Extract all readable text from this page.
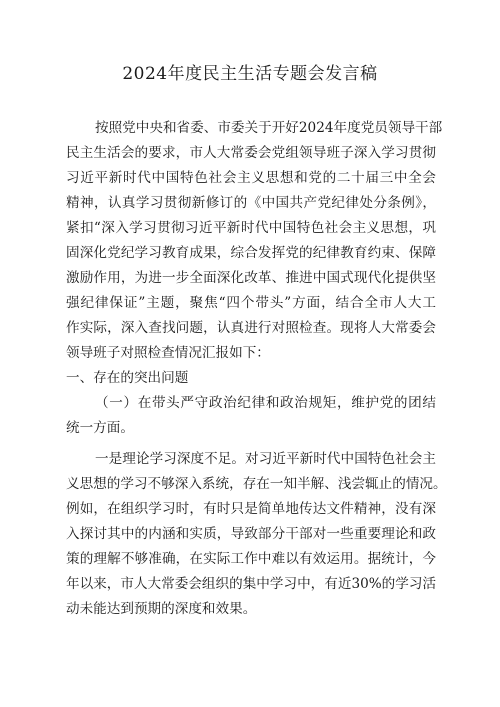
2024年度民主生活专题会发言稿
按照党中央和省委、市委关于开好2024年度党员领导干部
民主生活会的要求，市人大常委会党组领导班子深入学习贯彻
习近平新时代中国特色社会主义思想和党的二十届三中全会
精神，认真学习贯彻新修订的《中国共产党纪律处分条例》，
紧扣“深入学习贯彻习近平新时代中国特色社会主义思想，巩
固深化党纪学习教育成果，综合发挥党的纪律教育约束、保障
激励作用，为进一步全面深化改革、推进中国式现代化提供坚
强纪律保证”主题，聚焦“四个带头”方面，结合全市人大工
作实际，深入查找问题，认真进行对照检查。现将人大常委会
领导班子对照检查情况汇报如下：
一、存在的突出问题
（一）在带头严守政治纪律和政治规矩，维护党的团结
统一方面。
一是理论学习深度不足。对习近平新时代中国特色社会主
义思想的学习不够深入系统，存在一知半解、浅尝辄止的情况。
例如，在组织学习时，有时只是简单地传达文件精神，没有深
入探讨其中的内涵和实质，导致部分干部对一些重要理论和政
策的理解不够准确，在实际工作中难以有效运用。据统计，今
年以来，市人大常委会组织的集中学习中，有近30%的学习活
动未能达到预期的深度和效果。
